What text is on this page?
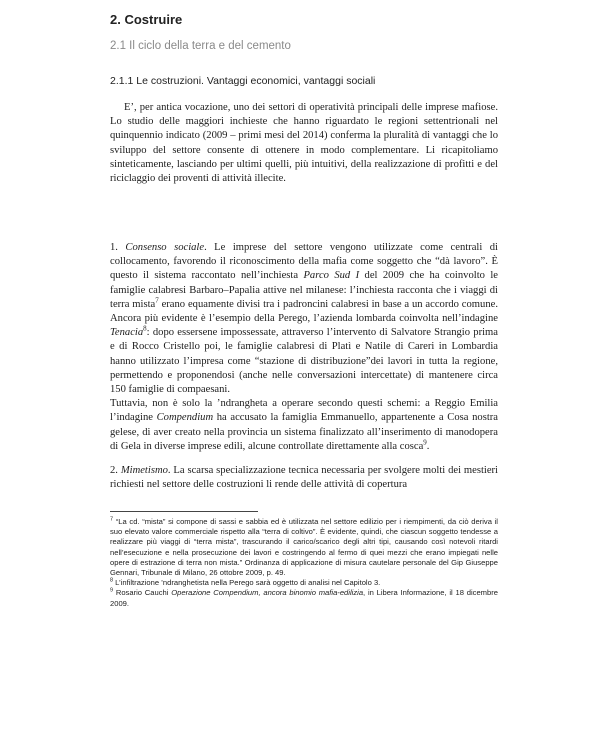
2. Costruire
2.1 Il ciclo della terra e del cemento
2.1.1 Le costruzioni. Vantaggi economici, vantaggi sociali

E’, per antica vocazione, uno dei settori di operatività principali delle imprese mafiose. Lo studio delle maggiori inchieste che hanno riguardato le regioni settentrionali nel quinquennio indicato (2009 – primi mesi del 2014) conferma la pluralità di vantaggi che lo sviluppo del settore consente di ottenere in modo complementare. Li ricapitoliamo sinteticamente, lasciando per ultimi quelli, più intuitivi, della realizzazione di profitti e del riciclaggio dei proventi di attività illecite.

1. Consenso sociale. Le imprese del settore vengono utilizzate come centrali di collocamento, favorendo il riconoscimento della mafia come soggetto che “dà lavoro”. È questo il sistema raccontato nell’inchiesta Parco Sud I del 2009 che ha coinvolto le famiglie calabresi Barbaro–Papalia attive nel milanese: l’inchiesta racconta che i viaggi di terra mista$^7$ erano equamente divisi tra i padroncini calabresi in base a un accordo comune. Ancora più evidente è l’esempio della Perego, l’azienda lombarda coinvolta nell’indagine Tenacia$^8$: dopo essersene impossessate, attraverso l’intervento di Salvatore Strangio prima e di Rocco Cristello poi, le famiglie calabresi di Platì e Natile di Careri in Lombardia hanno utilizzato l’impresa come “stazione di distribuzione”dei lavori in tutta la regione, permettendo e proponendosi (anche nelle conversazioni intercettate) di mantenere circa 150 famiglie di compaesani.
Tuttavia, non è solo la ’ndrangheta a operare secondo questi schemi: a Reggio Emilia l’indagine Compendium ha accusato la famiglia Emmanuello, appartenente a Cosa nostra gelese, di aver creato nella provincia un sistema finalizzato all’inserimento di manodopera di Gela in diverse imprese edili, alcune controllate direttamente alla cosca$^9$.

2. Mimetismo. La scarsa specializzazione tecnica necessaria per svolgere molti dei mestieri richiesti nel settore delle costruzioni li rende delle attività di copertura

$^7$ “La cd. “mista” si compone di sassi e sabbia ed è utilizzata nel settore edilizio per i riempimenti, da ciò deriva il suo elevato valore commerciale rispetto alla “terra di coltivo”. È evidente, quindi, che ciascun soggetto tendesse a realizzare più viaggi di “terra mista”, trascurando il carico/scarico degli altri tipi, causando così notevoli ritardi nell’esecuzione e nella prosecuzione dei lavori e costringendo al fermo di quei mezzi che erano impiegati nelle opere di estrazione di terra non mista.” Ordinanza di applicazione di misura cautelare personale del Gip Giuseppe Gennari, Tribunale di Milano, 26 ottobre 2009, p. 49.

$^8$ L’infiltrazione ’ndranghetista nella Perego sarà oggetto di analisi nel Capitolo 3.

$^9$ Rosario Cauchi Operazione Compendium, ancora binomio mafia-edilizia, in Libera Informazione, il 18 dicembre 2009.
